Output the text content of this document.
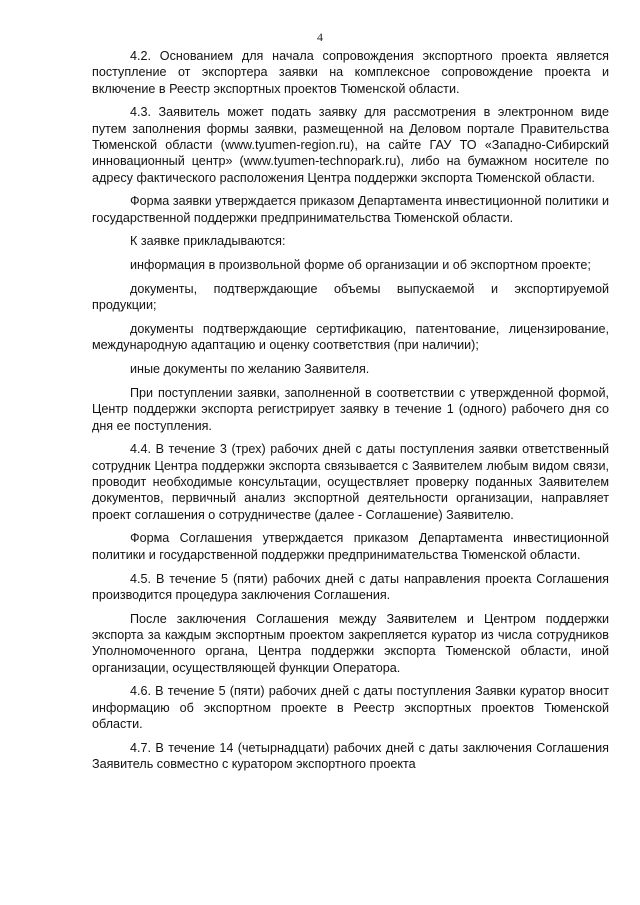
4

4.2. Основанием для начала сопровождения экспортного проекта является поступление от экспортера заявки на комплексное сопровождение проекта и включение в Реестр экспортных проектов Тюменской области.

4.3. Заявитель может подать заявку для рассмотрения в электронном виде путем заполнения формы заявки, размещенной на Деловом портале Правительства Тюменской области (www.tyumen-region.ru), на сайте ГАУ ТО «Западно-Сибирский инновационный центр» (www.tyumen-technopark.ru), либо на бумажном носителе по адресу фактического расположения Центра поддержки экспорта Тюменской области.

Форма заявки утверждается приказом Департамента инвестиционной политики и государственной поддержки предпринимательства Тюменской области.

К заявке прикладываются:

информация в произвольной форме об организации и об экспортном проекте;

документы, подтверждающие объемы выпускаемой и экспортируемой продукции;

документы подтверждающие сертификацию, патентование, лицензирование, международную адаптацию и оценку соответствия (при наличии);

иные документы по желанию Заявителя.

При поступлении заявки, заполненной в соответствии с утвержденной формой, Центр поддержки экспорта регистрирует заявку в течение 1 (одного) рабочего дня со дня ее поступления.

4.4. В течение 3 (трех) рабочих дней с даты поступления заявки ответственный сотрудник Центра поддержки экспорта связывается с Заявителем любым видом связи, проводит необходимые консультации, осуществляет проверку поданных Заявителем документов, первичный анализ экспортной деятельности организации, направляет проект соглашения о сотрудничестве (далее - Соглашение) Заявителю.

Форма Соглашения утверждается приказом Департамента инвестиционной политики и государственной поддержки предпринимательства Тюменской области.

4.5. В течение 5 (пяти) рабочих дней с даты направления проекта Соглашения производится процедура заключения Соглашения.

После заключения Соглашения между Заявителем и Центром поддержки экспорта за каждым экспортным проектом закрепляется куратор из числа сотрудников Уполномоченного органа, Центра поддержки экспорта Тюменской области, иной организации, осуществляющей функции Оператора.

4.6. В течение 5 (пяти) рабочих дней с даты поступления Заявки куратор вносит информацию об экспортном проекте в Реестр экспортных проектов Тюменской области.

4.7. В течение 14 (четырнадцати) рабочих дней с даты заключения Соглашения Заявитель совместно с куратором экспортного проекта
